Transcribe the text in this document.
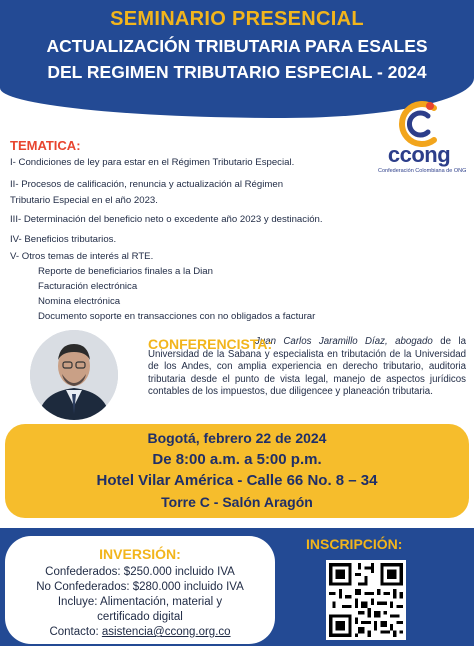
SEMINARIO PRESENCIAL
ACTUALIZACIÓN TRIBUTARIA PARA ESALES
DEL REGIMEN TRIBUTARIO ESPECIAL - 2024
ccong
Confederación Colombiana de ONG
TEMATICA:
I- Condiciones de ley para estar en el Régimen Tributario Especial.
II- Procesos de calificación, renuncia y actualización al Régimen
Tributario Especial en el año 2023.
III- Determinación del beneficio neto o excedente año 2023 y destinación.
IV- Beneficios tributarios.
V- Otros temas de interés al RTE.
Reporte de beneficiarios finales a la Dian
Facturación electrónica
Nomina electrónica
Documento soporte en transacciones con no obligados a facturar
Juan Carlos Jaramillo Díaz, abogado de la Universidad de la Sabana y especialista en tributación de la Universidad de los Andes, con amplia experiencia en derecho tributario, auditoria tributaria desde el punto de vista legal, manejo de aspectos jurídicos contables de los impuestos, due diligencee y planeación tributaria.
CONFERENCISTA:
Bogotá, febrero 22 de 2024
De 8:00 a.m. a 5:00 p.m.
Hotel Vilar América - Calle 66 No. 8 – 34
Torre C - Salón Aragón
INVERSIÓN:
Confederados: $250.000 incluido IVA
No Confederados: $280.000 incluido IVA
Incluye: Alimentación, material y
certificado digital
Contacto: asistencia@ccong.org.co
INSCRIPCIÓN:
